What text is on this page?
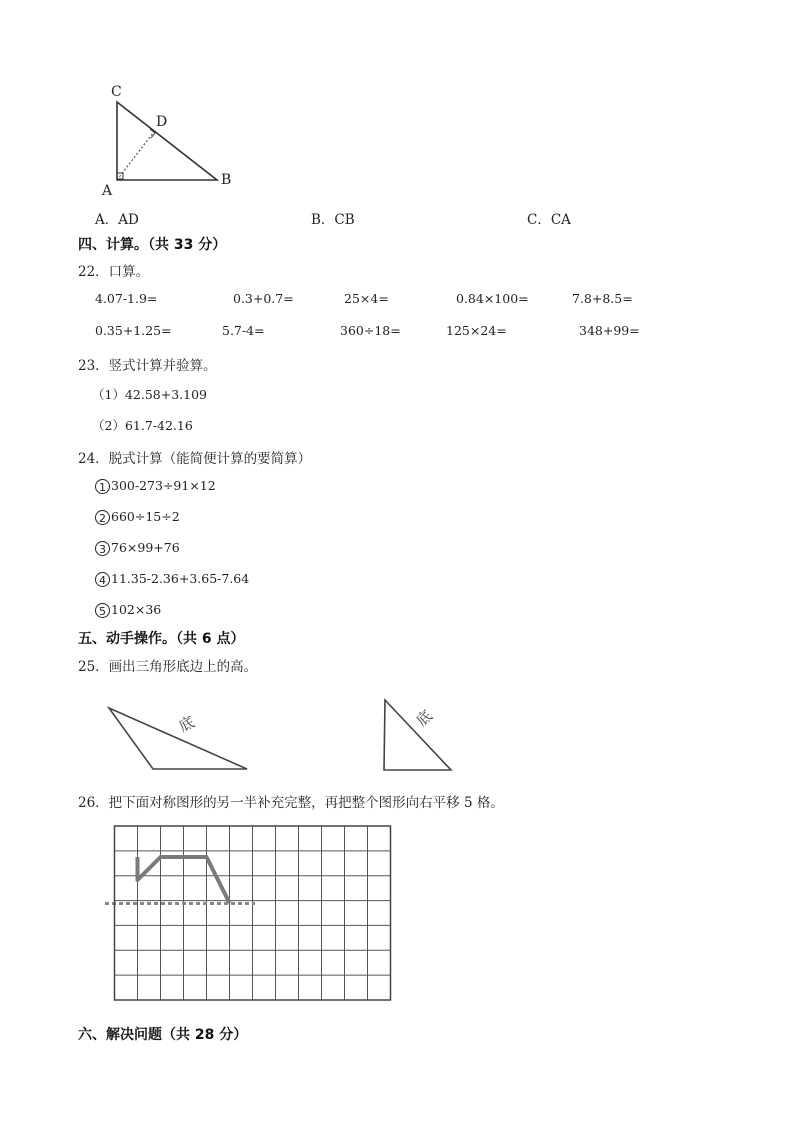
C
D
A
B
A．AD	B．CB	C．CA
四、计算。（共 33 分）
22．口算。
4.07-1.9=	0.3+0.7=	25×4=	0.84×100=	7.8+8.5=
0.35+1.25=	5.7-4=	360÷18=	125×24=	348+99=
23．竖式计算并验算。
（1）42.58+3.109
（2）61.7-42.16
24．脱式计算（能简便计算的要简算）
1 300-273÷91×12
2 660÷15÷2
3 76×99+76
4 11.35-2.36+3.65-7.64
5 102×36
五、动手操作。（共 6 点）
25．画出三角形底边上的高。
底	底
26．把下面对称图形的另一半补充完整，再把整个图形向右平移 5 格。
六、解决问题（共 28 分）
